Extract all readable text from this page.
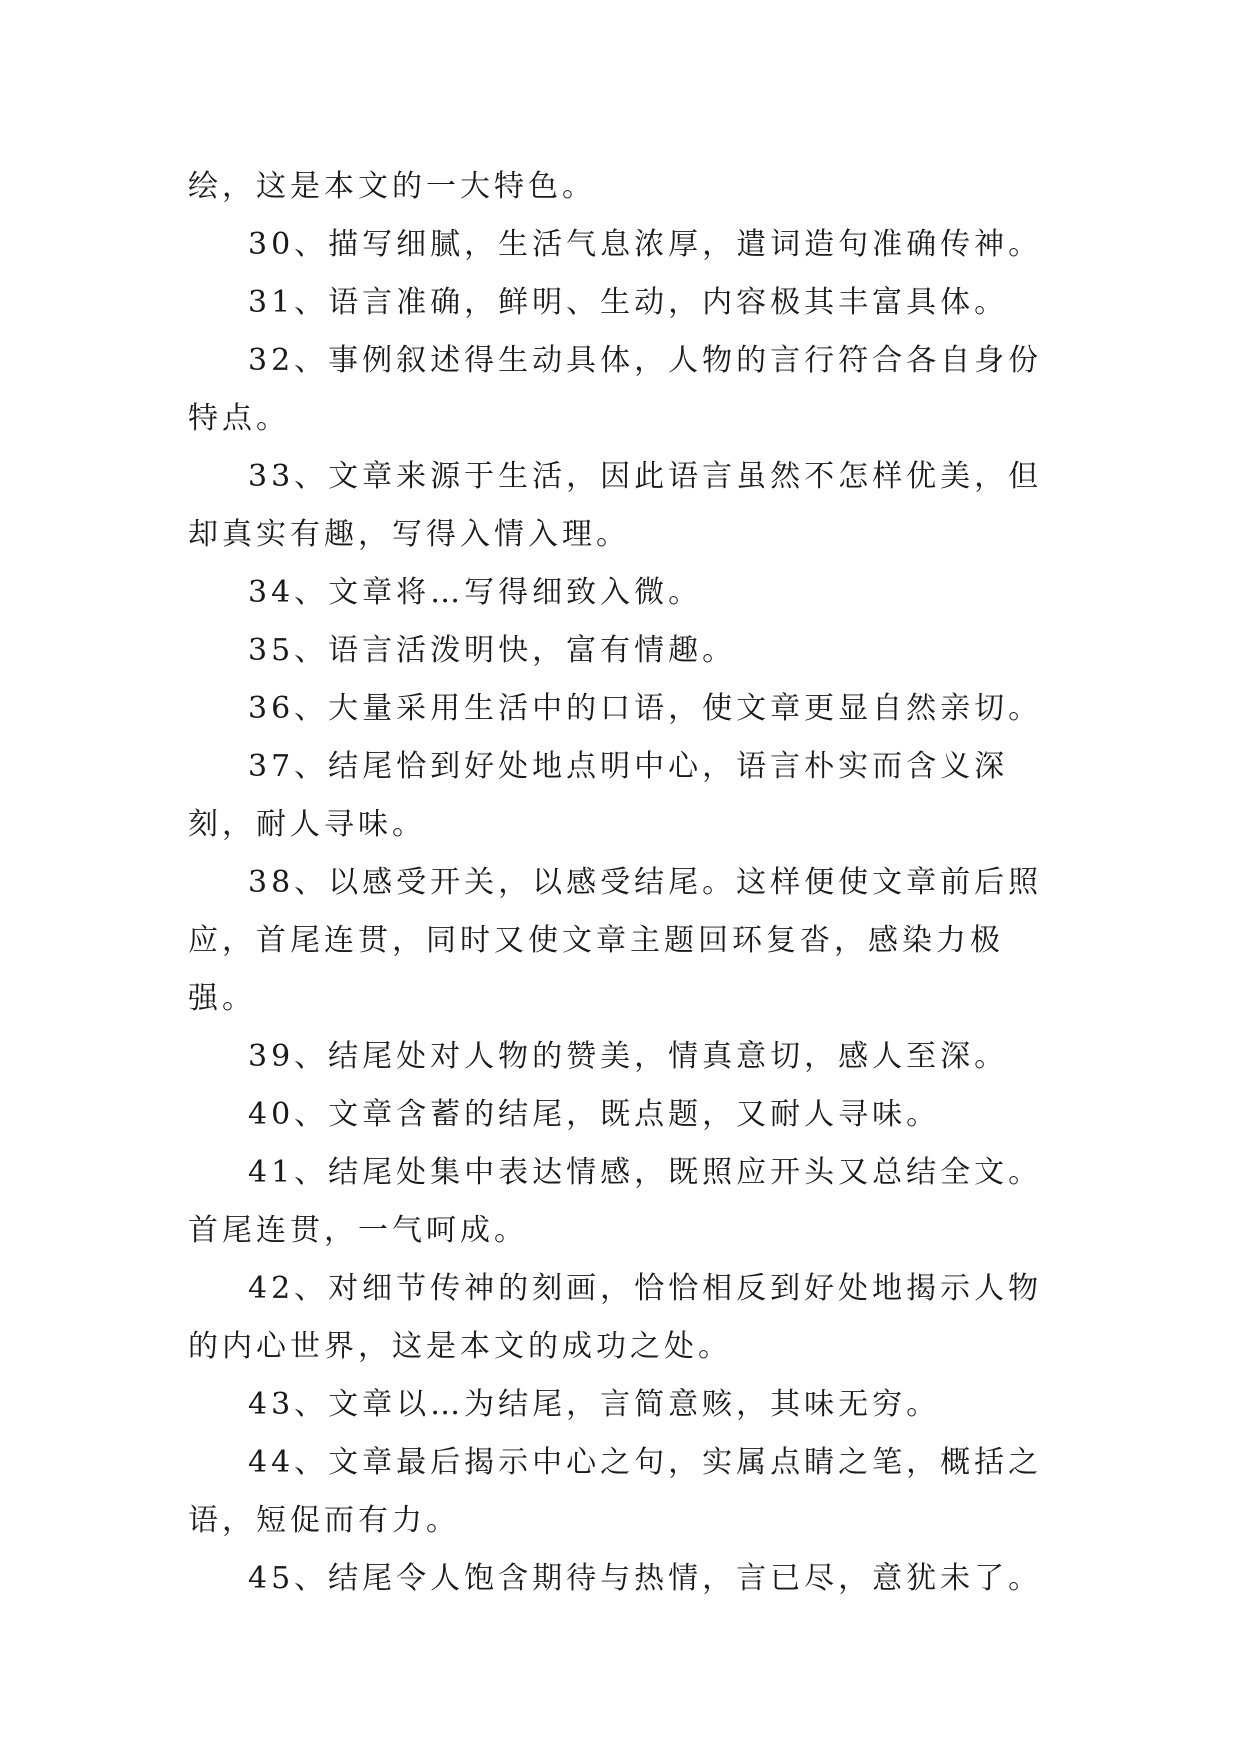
绘，这是本文的一大特色。

30、描写细腻，生活气息浓厚，遣词造句准确传神。

31、语言准确，鲜明、生动，内容极其丰富具体。

32、事例叙述得生动具体，人物的言行符合各自身份特点。

33、文章来源于生活，因此语言虽然不怎样优美，但却真实有趣，写得入情入理。

34、文章将…写得细致入微。

35、语言活泼明快，富有情趣。

36、大量采用生活中的口语，使文章更显自然亲切。

37、结尾恰到好处地点明中心，语言朴实而含义深刻，耐人寻味。

38、以感受开关，以感受结尾。这样便使文章前后照应，首尾连贯，同时又使文章主题回环复沓，感染力极强。

39、结尾处对人物的赞美，情真意切，感人至深。

40、文章含蓄的结尾，既点题，又耐人寻味。

41、结尾处集中表达情感，既照应开头又总结全文。首尾连贯，一气呵成。

42、对细节传神的刻画，恰恰相反到好处地揭示人物的内心世界，这是本文的成功之处。

43、文章以…为结尾，言简意赅，其味无穷。

44、文章最后揭示中心之句，实属点睛之笔，概括之语，短促而有力。

45、结尾令人饱含期待与热情，言已尽，意犹未了。
